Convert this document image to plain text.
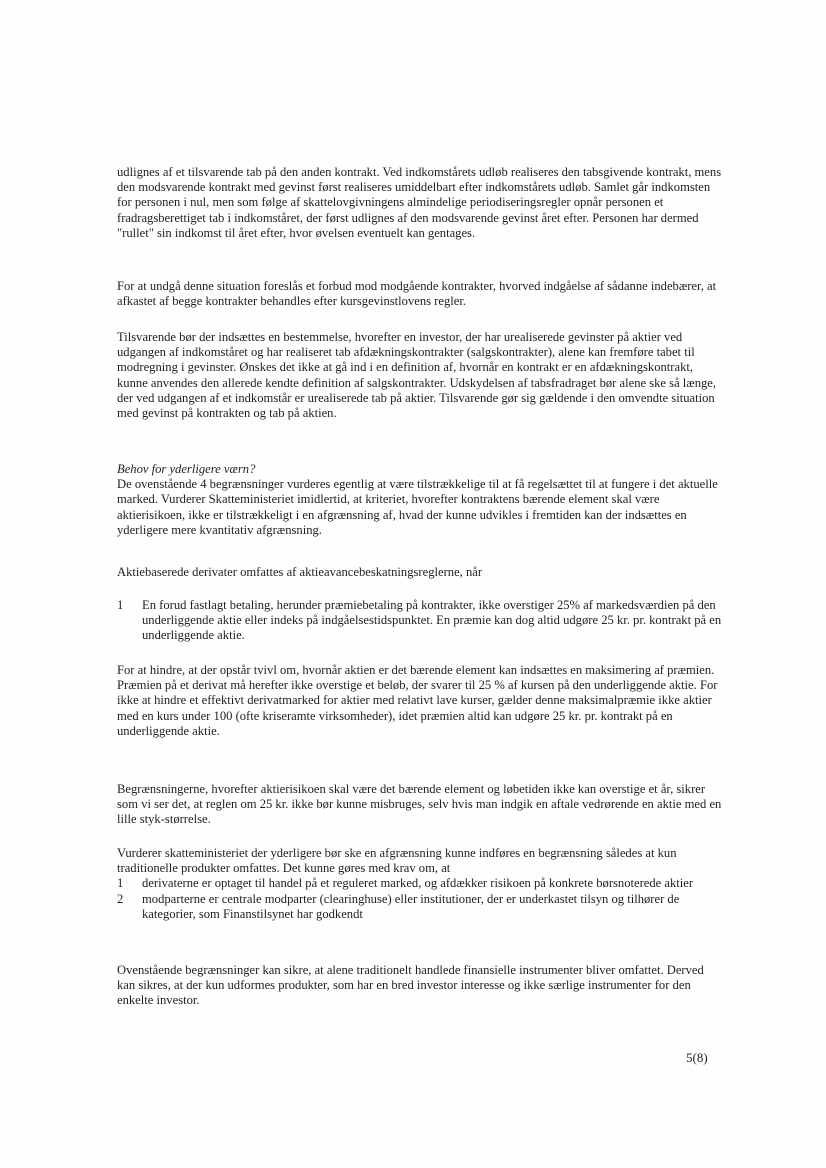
udlignes af et tilsvarende tab på den anden kontrakt. Ved indkomstårets udløb realiseres den tabsgivende kontrakt, mens den modsvarende kontrakt med gevinst først realiseres umiddelbart efter indkomstårets udløb. Samlet går indkomsten for personen i nul, men som følge af skattelovgivningens almindelige periodiseringsregler opnår personen et fradragsberettiget tab i indkomståret, der først udlignes af den modsvarende gevinst året efter. Personen har dermed "rullet" sin indkomst til året efter, hvor øvelsen eventuelt kan gentages.

For at undgå denne situation foreslås et forbud mod modgående kontrakter, hvorved indgåelse af sådanne indebærer, at afkastet af begge kontrakter behandles efter kursgevinstlovens regler.

Tilsvarende bør der indsættes en bestemmelse, hvorefter en investor, der har urealiserede gevinster på aktier ved udgangen af indkomståret og har realiseret tab afdækningskontrakter (salgskontrakter), alene kan fremføre tabet til modregning i gevinster. Ønskes det ikke at gå ind i en definition af, hvornår en kontrakt er en afdækningskontrakt, kunne anvendes den allerede kendte definition af salgskontrakter. Udskydelsen af tabsfradraget bør alene ske så længe, der ved udgangen af et indkomstår er urealiserede tab på aktier. Tilsvarende gør sig gældende i den omvendte situation med gevinst på kontrakten og tab på aktien.

Behov for yderligere værn?

De ovenstående 4 begrænsninger vurderes egentlig at være tilstrækkelige til at få regelsættet til at fungere i det aktuelle marked. Vurderer Skatteministeriet imidlertid, at kriteriet, hvorefter kontraktens bærende element skal være aktierisikoen, ikke er tilstrækkeligt i en afgrænsning af, hvad der kunne udvikles i fremtiden kan der indsættes en yderligere mere kvantitativ afgrænsning.

Aktiebaserede derivater omfattes af aktieavancebeskatningsreglerne, når

1 En forud fastlagt betaling, herunder præmiebetaling på kontrakter, ikke overstiger 25% af markedsværdien på den underliggende aktie eller indeks på indgåelsestidspunktet. En præmie kan dog altid udgøre 25 kr. pr. kontrakt på en underliggende aktie.

For at hindre, at der opstår tvivl om, hvornår aktien er det bærende element kan indsættes en maksimering af præmien. Præmien på et derivat må herefter ikke overstige et beløb, der svarer til 25 % af kursen på den underliggende aktie. For ikke at hindre et effektivt derivatmarked for aktier med relativt lave kurser, gælder denne maksimalpræmie ikke aktier med en kurs under 100 (ofte kriseramte virksomheder), idet præmien altid kan udgøre 25 kr. pr. kontrakt på en underliggende aktie.

Begrænsningerne, hvorefter aktierisikoen skal være det bærende element og løbetiden ikke kan overstige et år, sikrer som vi ser det, at reglen om 25 kr. ikke bør kunne misbruges, selv hvis man indgik en aftale vedrørende en aktie med en lille styk-størrelse.

Vurderer skatteministeriet der yderligere bør ske en afgrænsning kunne indføres en begrænsning således at kun traditionelle produkter omfattes. Det kunne gøres med krav om, at

1 derivaterne er optaget til handel på et reguleret marked, og afdækker risikoen på konkrete børsnoterede aktier
2 modparterne er centrale modparter (clearinghuse) eller institutioner, der er underkastet tilsyn og tilhører de kategorier, som Finanstilsynet har godkendt

Ovenstående begrænsninger kan sikre, at alene traditionelt handlede finansielle instrumenter bliver omfattet. Derved kan sikres, at der kun udformes produkter, som har en bred investor interesse og ikke særlige instrumenter for den enkelte investor.

5(8)
